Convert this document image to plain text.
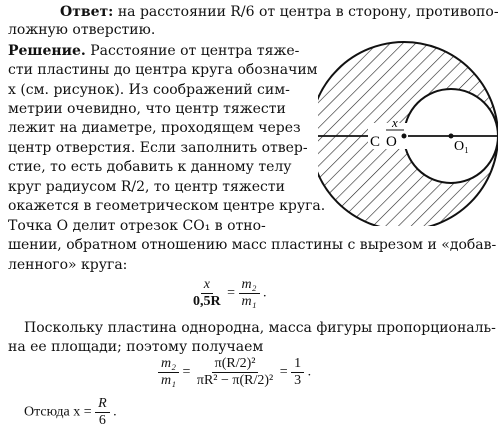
Ответ: на расстоянии R/6 от центра в сторону, противопо-
ложную отверстию.
Решение. Расстояние от центра тяже-
сти пластины до центра круга обозначим
x (см. рисунок). Из соображений сим-
метрии очевидно, что центр тяжести
лежит на диаметре, проходящем через
центр отверстия. Если заполнить отвер-
стие, то есть добавить к данному телу
круг радиусом R/2, то центр тяжести
окажется в геометрическом центре круга.
Точка O делит отрезок CO₁ в отно-
шении, обратном отношению масс пластины с вырезом и «добав-
ленного» круга:
$\frac{x}{0,5R} = \frac{\text{m₂}}{\text{m₁}}$ .
Поскольку пластина однородна, масса фигуры пропорциональ-
на ее площади; поэтому получаем
$\frac{\text{m₂}}{\text{m₁}} = \frac{\text{π(R/2)²}}{\text{πR² − π(R/2)²}} = \frac{1}{3}$ .
Отсюда $x = \frac{R}{6}$ .
x
C O	O₁
